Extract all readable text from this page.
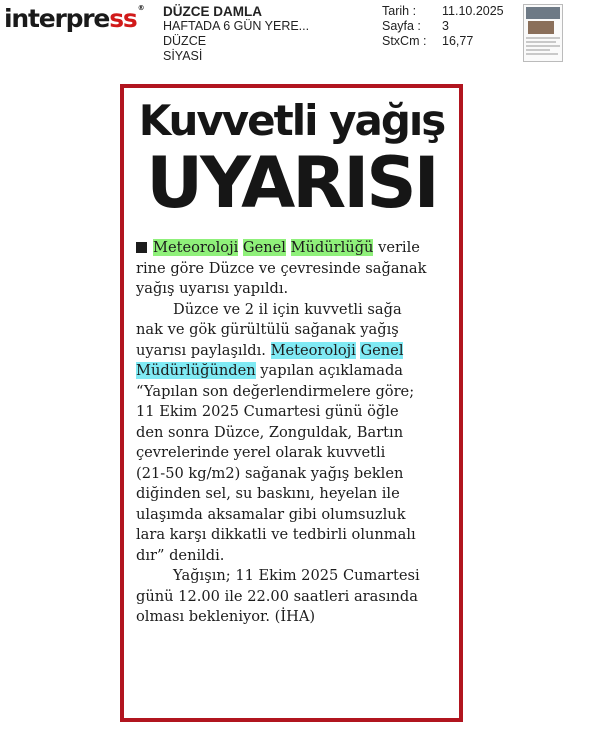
interpress® DÜZCE DAMLA
HAFTADA 6 GÜN YERE...
DÜZCE
SİYASİ
Tarih : 11.10.2025
Sayfa : 3
StxCm : 16,77
Kuvvetli yağış
UYARISI
Meteoroloji Genel Müdürlüğü verile
rine göre Düzce ve çevresinde sağanak
yağış uyarısı yapıldı.
Düzce ve 2 il için kuvvetli sağa
nak ve gök gürültülü sağanak yağış
uyarısı paylaşıldı. Meteoroloji Genel
Müdürlüğünden yapılan açıklamada
“Yapılan son değerlendirmelere göre;
11 Ekim 2025 Cumartesi günü öğle
den sonra Düzce, Zonguldak, Bartın
çevrelerinde yerel olarak kuvvetli
(21-50 kg/m2) sağanak yağış beklen
diğinden sel, su baskını, heyelan ile
ulaşımda aksamalar gibi olumsuzluk
lara karşı dikkatli ve tedbirli olunmalı
dır” denildi.
Yağışın; 11 Ekim 2025 Cumartesi
günü 12.00 ile 22.00 saatleri arasında
olması bekleniyor. (İHA)
